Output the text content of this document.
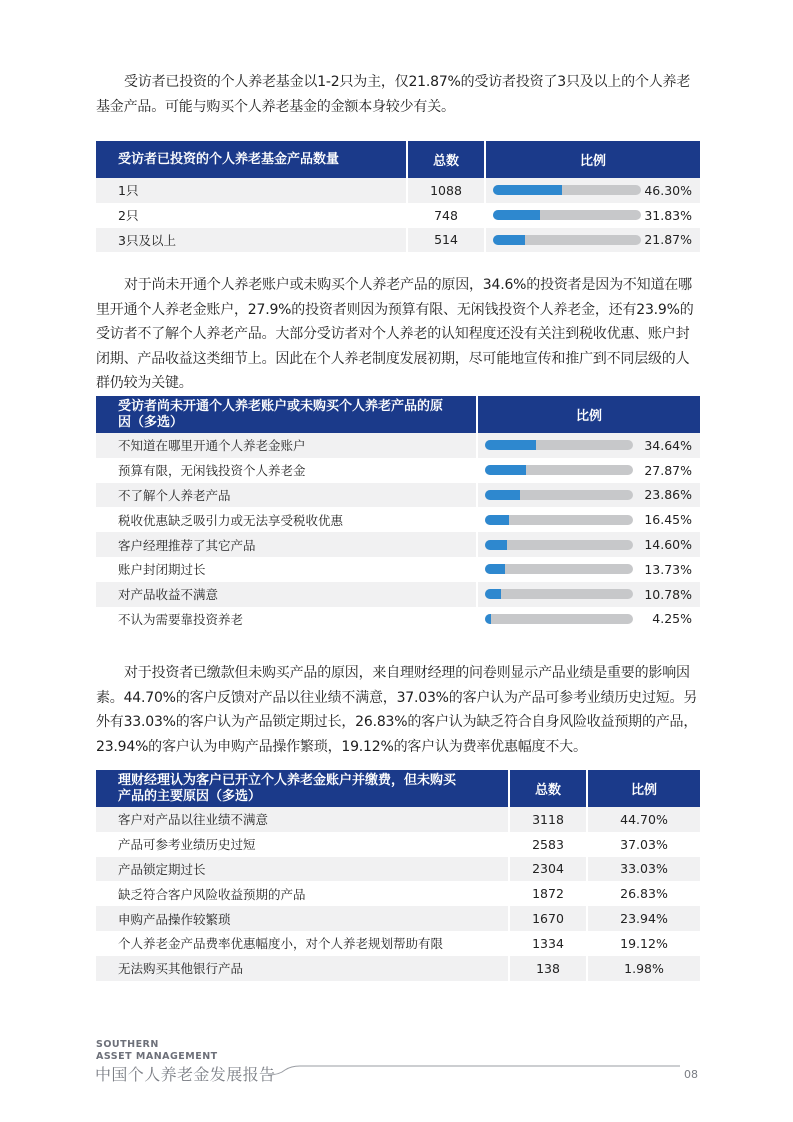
受访者已投资的个人养老基金以1-2只为主，仅21.87%的受访者投资了3只及以上的个人养老基金产品。可能与购买个人养老基金的金额本身较少有关。

受访者已投资的个人养老基金产品数量	总数	比例
1只	1088	46.30%

2只	748	31.83%

3只及以上	514	21.87%

对于尚未开通个人养老账户或未购买个人养老产品的原因，34.6%的投资者是因为不知道在哪里开通个人养老金账户，27.9%的投资者则因为预算有限、无闲钱投资个人养老金，还有23.9%的受访者不了解个人养老产品。大部分受访者对个人养老的认知程度还没有关注到税收优惠、账户封闭期、产品收益这类细节上。因此在个人养老制度发展初期，尽可能地宣传和推广到不同层级的人群仍较为关键。

受访者尚未开通个人养老账户或未购买个人养老产品的原因（多选）	比例
不知道在哪里开通个人养老金账户	34.64%

预算有限，无闲钱投资个人养老金	27.87%

不了解个人养老产品	23.86%

税收优惠缺乏吸引力或无法享受税收优惠	16.45%

客户经理推荐了其它产品	14.60%

账户封闭期过长	13.73%

对产品收益不满意	10.78%

不认为需要靠投资养老	4.25%

对于投资者已缴款但未购买产品的原因，来自理财经理的问卷则显示产品业绩是重要的影响因素。44.70%的客户反馈对产品以往业绩不满意，37.03%的客户认为产品可参考业绩历史过短。另外有33.03%的客户认为产品锁定期过长，26.83%的客户认为缺乏符合自身风险收益预期的产品，23.94%的客户认为申购产品操作繁琐，19.12%的客户认为费率优惠幅度不大。

理财经理认为客户已开立个人养老金账户并缴费，但未购买产品的主要原因（多选）	总数	比例
客户对产品以往业绩不满意	3118	44.70%
产品可参考业绩历史过短	2583	37.03%
产品锁定期过长	2304	33.03%
缺乏符合客户风险收益预期的产品	1872	26.83%
申购产品操作较繁琐	1670	23.94%
个人养老金产品费率优惠幅度小，对个人养老规划帮助有限	1334	19.12%
无法购买其他银行产品	138	1.98%
SOUTHERN
ASSET MANAGEMENT
中国个人养老金发展报告	08
